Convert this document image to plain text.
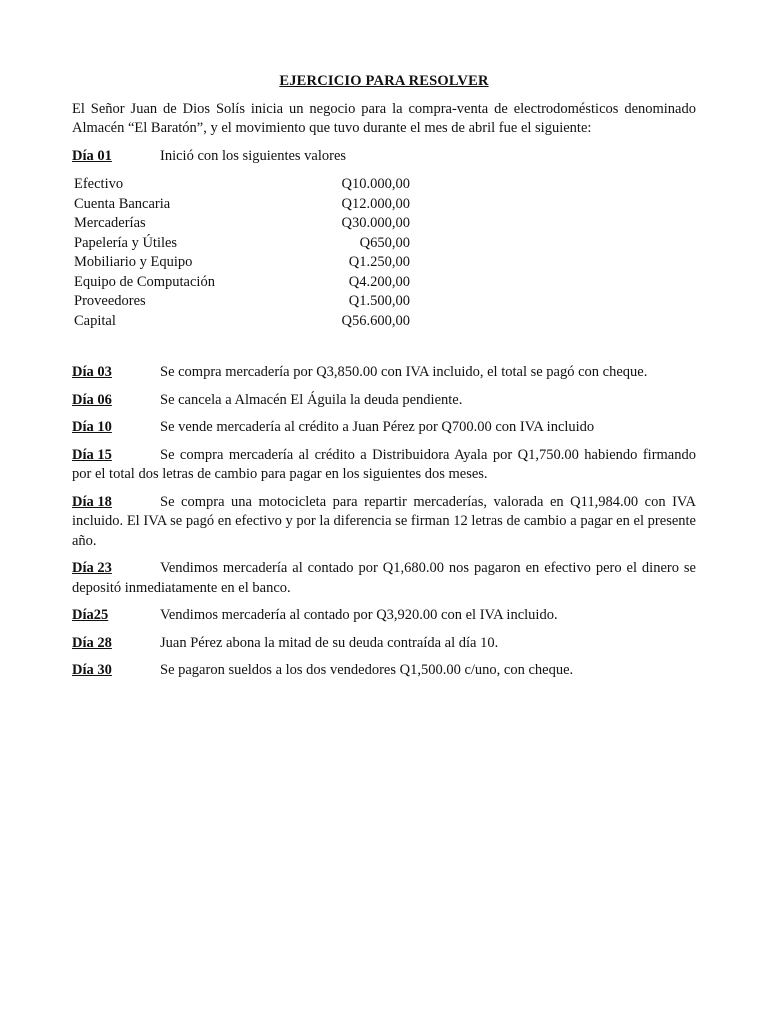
EJERCICIO PARA RESOLVER
El Señor Juan de Dios Solís inicia un negocio para la compra-venta de electrodomésticos denominado Almacén “El Baratón”, y el movimiento que tuvo durante el mes de abril fue el siguiente:
Día 01	Inició con los siguientes valores
Efectivo	Q10.000,00
Cuenta Bancaria	Q12.000,00
Mercaderías	Q30.000,00
Papelería y Útiles	Q650,00
Mobiliario y Equipo	Q1.250,00
Equipo de Computación	Q4.200,00
Proveedores	Q1.500,00
Capital	Q56.600,00
Día 03	Se compra mercadería por Q3,850.00 con IVA incluido, el total se pagó con cheque.
Día 06	Se cancela a Almacén El Águila la deuda pendiente.
Día 10	Se vende mercadería al crédito a Juan Pérez por Q700.00 con IVA incluido
Día 15	Se compra mercadería al crédito a Distribuidora Ayala por Q1,750.00 habiendo firmando por el total dos letras de cambio para pagar en los siguientes dos meses.
Día 18	Se compra una motocicleta para repartir mercaderías, valorada en Q11,984.00 con IVA incluido. El IVA se pagó en efectivo y por la diferencia se firman 12 letras de cambio a pagar en el presente año.
Día 23	Vendimos mercadería al contado por Q1,680.00 nos pagaron en efectivo pero el dinero se depositó inmediatamente en el banco.
Día25	Vendimos mercadería al contado por Q3,920.00 con el IVA incluido.
Día 28	Juan Pérez abona la mitad de su deuda contraída al día 10.
Día 30	Se pagaron sueldos a los dos vendedores Q1,500.00 c/uno, con cheque.
